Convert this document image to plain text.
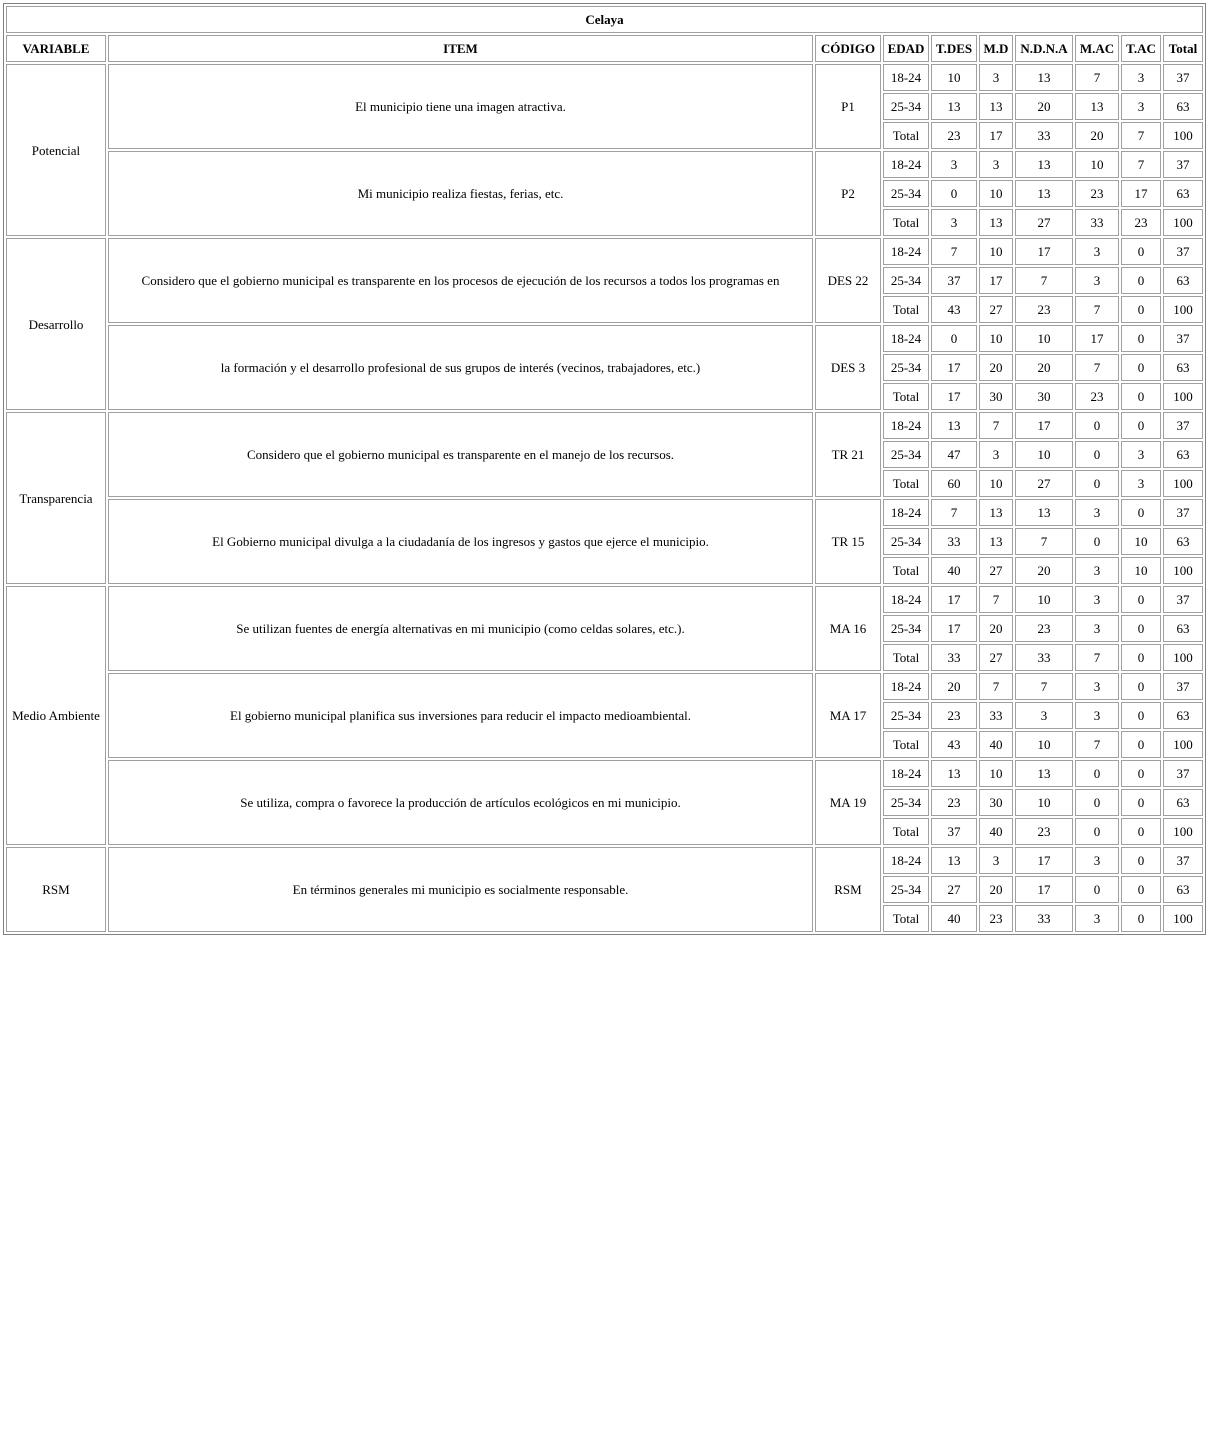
Celaya									
VARIABLE	ITEM	CÓDIGO	EDAD	T.DES	M.D	N.D.N.A	M.AC	T.AC	Total
Potencial	El municipio tiene una imagen atractiva.	P1	18-24	10	3	13	7	3	37
			25-34	13	13	20	13	3	63
			Total	23	17	33	20	7	100
	Mi municipio realiza fiestas, ferias, etc.	P2	18-24	3	3	13	10	7	37
			25-34	0	10	13	23	17	63
			Total	3	13	27	33	23	100
Desarrollo	Considero que el gobierno municipal es transparente en los procesos de ejecución de los recursos a todos los programas en	DES 22	18-24	7	10	17	3	0	37
			25-34	37	17	7	3	0	63
			Total	43	27	23	7	0	100
	la formación y el desarrollo profesional de sus grupos de interés (vecinos, trabajadores, etc.)	DES 3	18-24	0	10	10	17	0	37
			25-34	17	20	20	7	0	63
			Total	17	30	30	23	0	100
Transparencia	Considero que el gobierno municipal es transparente en el manejo de los recursos.	TR 21	18-24	13	7	17	0	0	37
			25-34	47	3	10	0	3	63
			Total	60	10	27	0	3	100
	El Gobierno municipal divulga a la ciudadanía de los ingresos y gastos que ejerce el municipio.	TR 15	18-24	7	13	13	3	0	37
			25-34	33	13	7	0	10	63
			Total	40	27	20	3	10	100
Medio Ambiente	Se utilizan fuentes de energía alternativas en mi municipio (como celdas solares, etc.).	MA 16	18-24	17	7	10	3	0	37
			25-34	17	20	23	3	0	63
			Total	33	27	33	7	0	100
	El gobierno municipal planifica sus inversiones para reducir el impacto medioambiental.	MA 17	18-24	20	7	7	3	0	37
			25-34	23	33	3	3	0	63
			Total	43	40	10	7	0	100
	Se utiliza, compra o favorece la producción de artículos ecológicos en mi municipio.	MA 19	18-24	13	10	13	0	0	37
			25-34	23	30	10	0	0	63
			Total	37	40	23	0	0	100
RSM	En términos generales mi municipio es socialmente responsable.	RSM	18-24	13	3	17	3	0	37
			25-34	27	20	17	0	0	63
			Total	40	23	33	3	0	100
